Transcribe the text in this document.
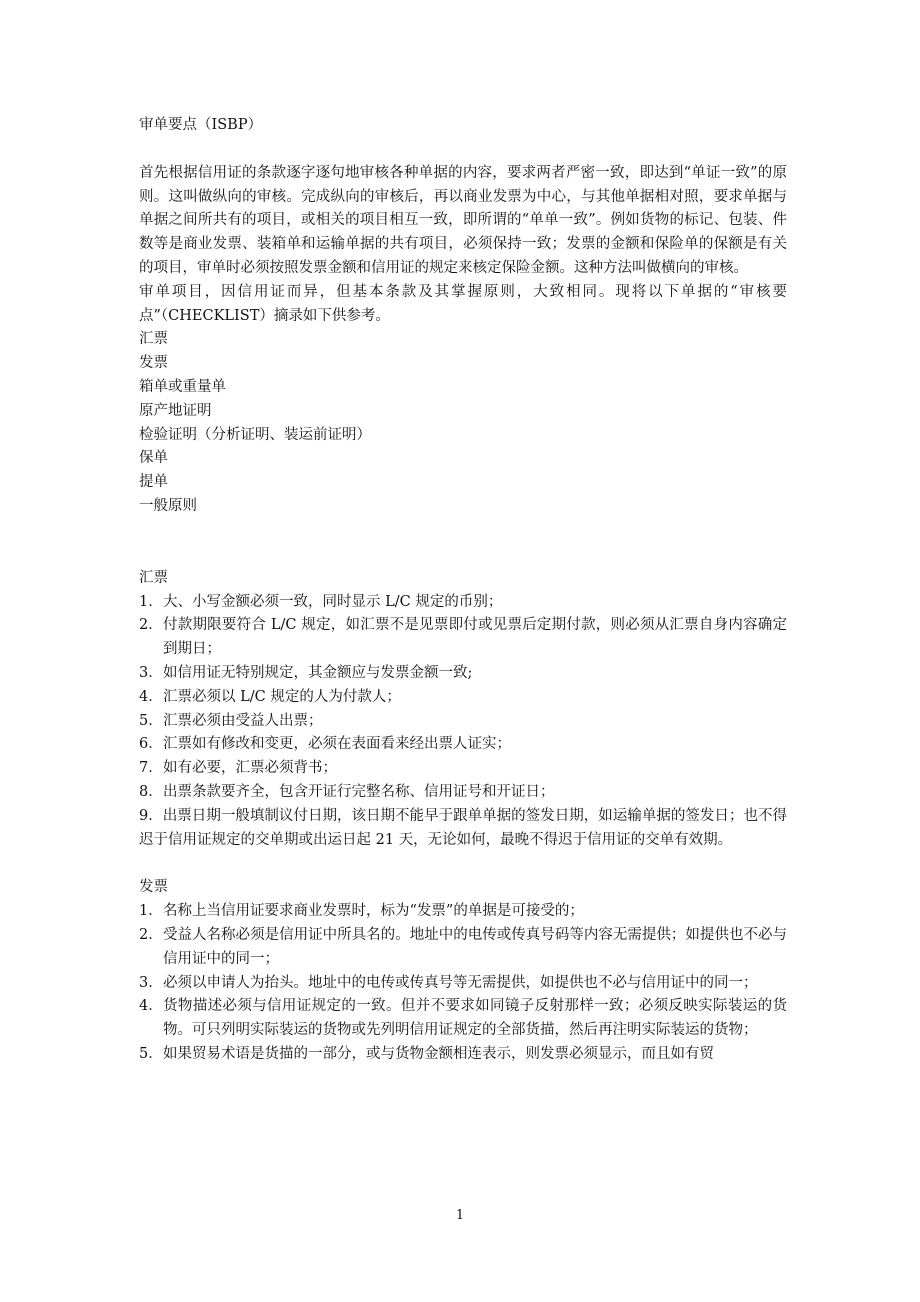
审单要点（ISBP）

首先根据信用证的条款逐字逐句地审核各种单据的内容，要求两者严密一致，即达到“单证一致”的原则。这叫做纵向的审核。完成纵向的审核后，再以商业发票为中心，与其他单据相对照，要求单据与单据之间所共有的项目，或相关的项目相互一致，即所谓的“单单一致”。例如货物的标记、包装、件数等是商业发票、装箱单和运输单据的共有项目，必须保持一致；发票的金额和保险单的保额是有关的项目，审单时必须按照发票金额和信用证的规定来核定保险金额。这种方法叫做横向的审核。

审单项目，因信用证而异，但基本条款及其掌握原则，大致相同。现将以下单据的“审核要点”（CHECKLIST）摘录如下供参考。

汇票

发票

箱单或重量单

原产地证明

检验证明（分析证明、装运前证明）

保单

提单

一般原则

汇票

1． 大、小写金额必须一致，同时显示 L/C 规定的币别；
2． 付款期限要符合 L/C 规定，如汇票不是见票即付或见票后定期付款，则必须从汇票自身内容确定到期日；
3． 如信用证无特别规定，其金额应与发票金额一致;
4． 汇票必须以 L/C 规定的人为付款人；
5． 汇票必须由受益人出票；
6． 汇票如有修改和变更，必须在表面看来经出票人证实；
7． 如有必要，汇票必须背书；
8． 出票条款要齐全，包含开证行完整名称、信用证号和开证日；
9．出票日期一般填制议付日期，该日期不能早于跟单单据的签发日期，如运输单据的签发日；也不得迟于信用证规定的交单期或出运日起 21 天，无论如何，最晚不得迟于信用证的交单有效期。

发票

1． 名称上当信用证要求商业发票时，标为“发票”的单据是可接受的；
2． 受益人名称必须是信用证中所具名的。地址中的电传或传真号码等内容无需提供；如提供也不必与信用证中的同一；
3． 必须以申请人为抬头。地址中的电传或传真号等无需提供，如提供也不必与信用证中的同一；
4． 货物描述必须与信用证规定的一致。但并不要求如同镜子反射那样一致；必须反映实际装运的货物。可只列明实际装运的货物或先列明信用证规定的全部货描，然后再注明实际装运的货物；
5． 如果贸易术语是货描的一部分，或与货物金额相连表示，则发票必须显示，而且如有贸
1
